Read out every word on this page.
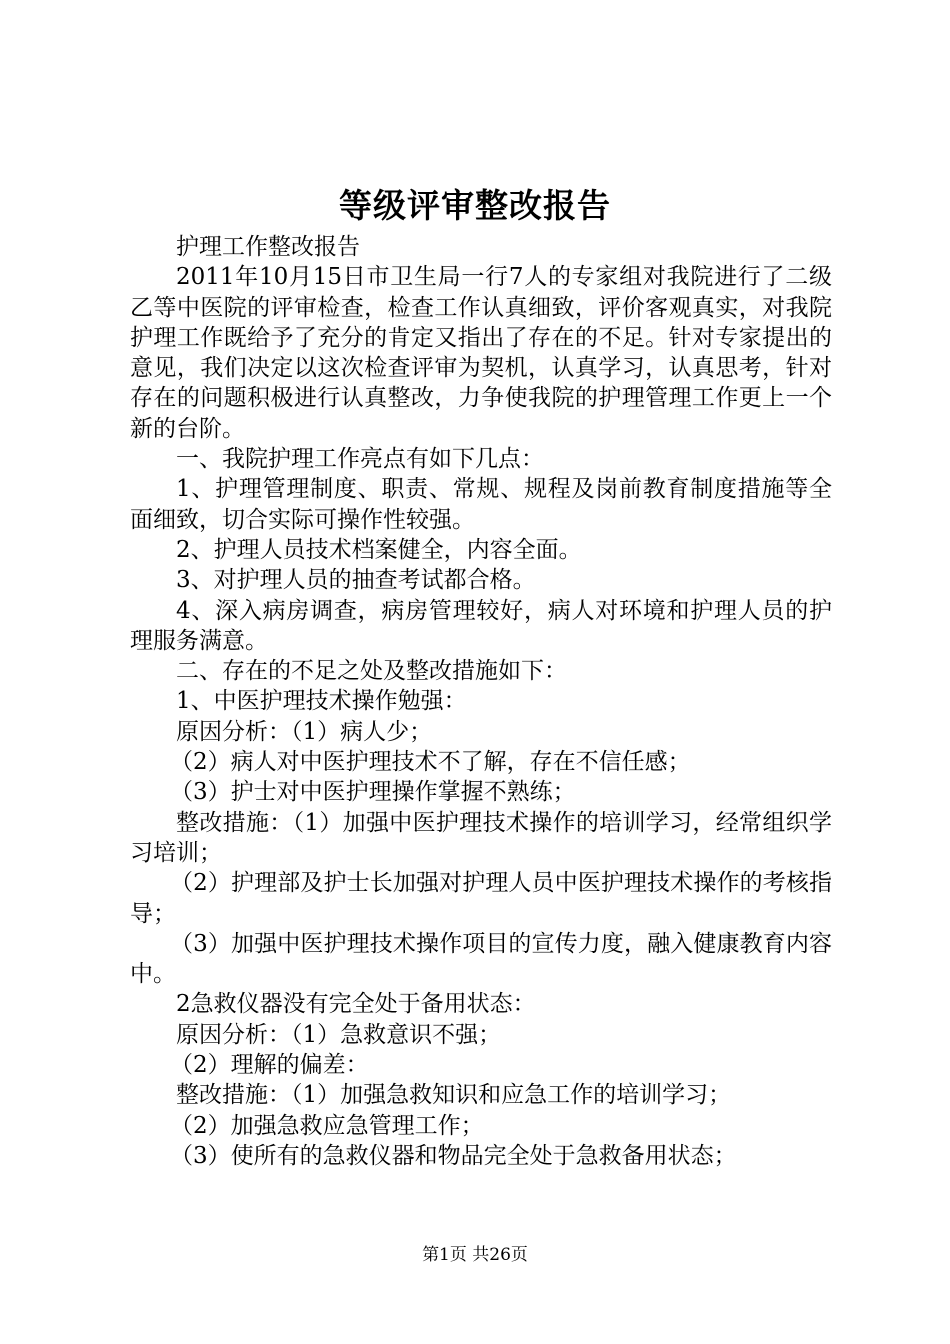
等级评审整改报告

护理工作整改报告

2011年10月15日市卫生局一行7人的专家组对我院进行了二级乙等中医院的评审检查，检查工作认真细致，评价客观真实，对我院护理工作既给予了充分的肯定又指出了存在的不足。针对专家提出的意见，我们决定以这次检查评审为契机，认真学习，认真思考，针对存在的问题积极进行认真整改，力争使我院的护理管理工作更上一个新的台阶。

一、我院护理工作亮点有如下几点：

1、护理管理制度、职责、常规、规程及岗前教育制度措施等全面细致，切合实际可操作性较强。

2、护理人员技术档案健全，内容全面。

3、对护理人员的抽查考试都合格。

4、深入病房调查，病房管理较好，病人对环境和护理人员的护理服务满意。

二、存在的不足之处及整改措施如下：

1、中医护理技术操作勉强：

原因分析：（1）病人少；

（2）病人对中医护理技术不了解，存在不信任感；

（3）护士对中医护理操作掌握不熟练；

整改措施：（1）加强中医护理技术操作的培训学习，经常组织学习培训；

（2）护理部及护士长加强对护理人员中医护理技术操作的考核指导；

（3）加强中医护理技术操作项目的宣传力度，融入健康教育内容中。

2急救仪器没有完全处于备用状态：

原因分析：（1）急救意识不强；

（2）理解的偏差：

整改措施：（1）加强急救知识和应急工作的培训学习；

（2）加强急救应急管理工作；

（3）使所有的急救仪器和物品完全处于急救备用状态；

第1页 共26页
